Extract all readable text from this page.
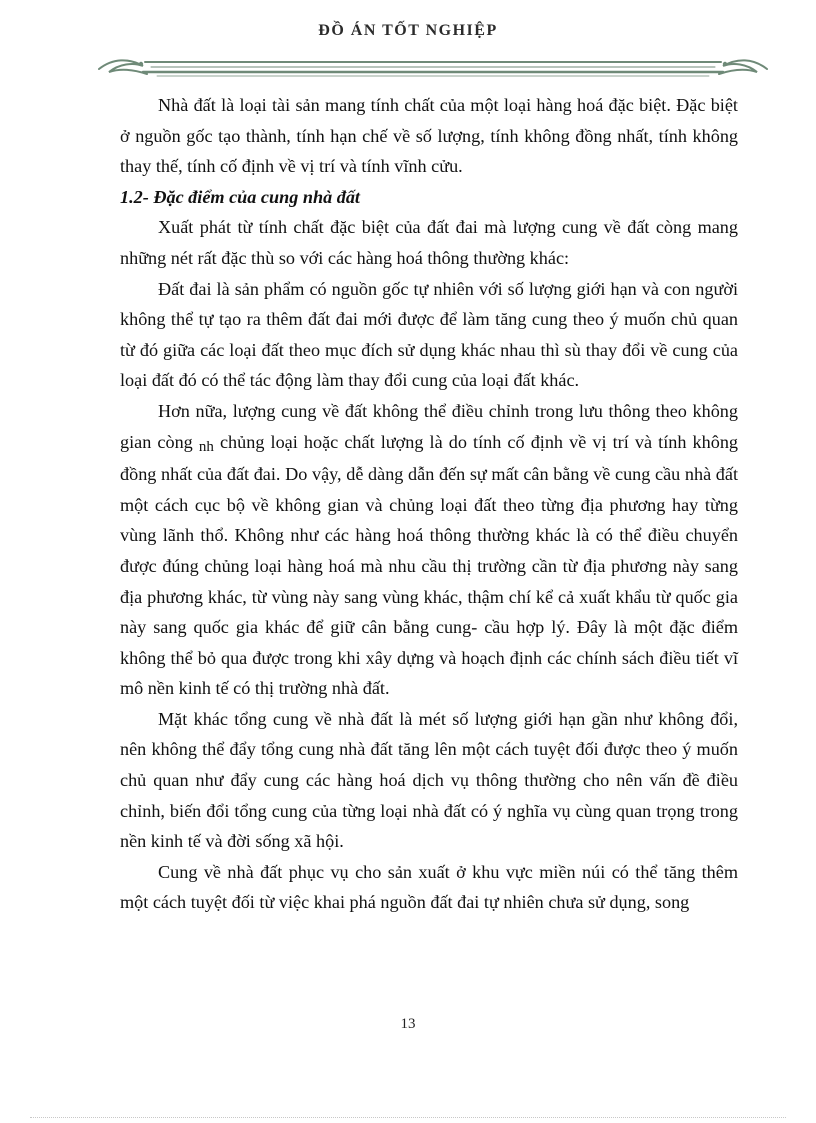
ĐỒ ÁN TỐT NGHIỆP

Nhà đất là loại tài sản mang tính chất của một loại hàng hoá đặc biệt. Đặc biệt ở nguồn gốc tạo thành, tính hạn chế về số lượng, tính không đồng nhất, tính không thay thế, tính cố định về vị trí và tính vĩnh cửu.

1.2- Đặc điểm của cung nhà đất

Xuất phát từ tính chất đặc biệt của đất đai mà lượng cung về đất còng mang những nét rất đặc thù so với các hàng hoá thông thường khác:

Đất đai là sản phẩm có nguồn gốc tự nhiên với số lượng giới hạn và con người không thể tự tạo ra thêm đất đai mới được để làm tăng cung theo ý muốn chủ quan từ đó giữa các loại đất theo mục đích sử dụng khác nhau thì sù thay đổi về cung của loại đất đó có thể tác động làm thay đổi cung của loại đất khác.

Hơn nữa, lượng cung về đất không thể điều chỉnh trong lưu thông theo không gian còng nh chủng loại hoặc chất lượng là do tính cố định về vị trí và tính không đồng nhất của đất đai. Do vậy, dễ dàng dẫn đến sự mất cân bằng về cung cầu nhà đất một cách cục bộ về không gian và chủng loại đất theo từng địa phương hay từng vùng lãnh thổ. Không như các hàng hoá thông thường khác là có thể điều chuyển được đúng chủng loại hàng hoá mà nhu cầu thị trường cần từ địa phương này sang địa phương khác, từ vùng này sang vùng khác, thậm chí kể cả xuất khẩu từ quốc gia này sang quốc gia khác để giữ cân bằng cung- cầu hợp lý. Đây là một đặc điểm không thể bỏ qua được trong khi xây dựng và hoạch định các chính sách điều tiết vĩ mô nền kinh tế có thị trường nhà đất.

Mặt khác tổng cung về nhà đất là mét số lượng giới hạn gần như không đổi, nên không thể đẩy tổng cung nhà đất tăng lên một cách tuyệt đối được theo ý muốn chủ quan như đẩy cung các hàng hoá dịch vụ thông thường cho nên vấn đề điều chỉnh, biến đổi tổng cung của từng loại nhà đất có ý nghĩa vụ cùng quan trọng trong nền kinh tế và đời sống xã hội.

Cung về nhà đất phục vụ cho sản xuất ở khu vực miền núi có thể tăng thêm một cách tuyệt đối từ việc khai phá nguồn đất đai tự nhiên chưa sử dụng, song

13
